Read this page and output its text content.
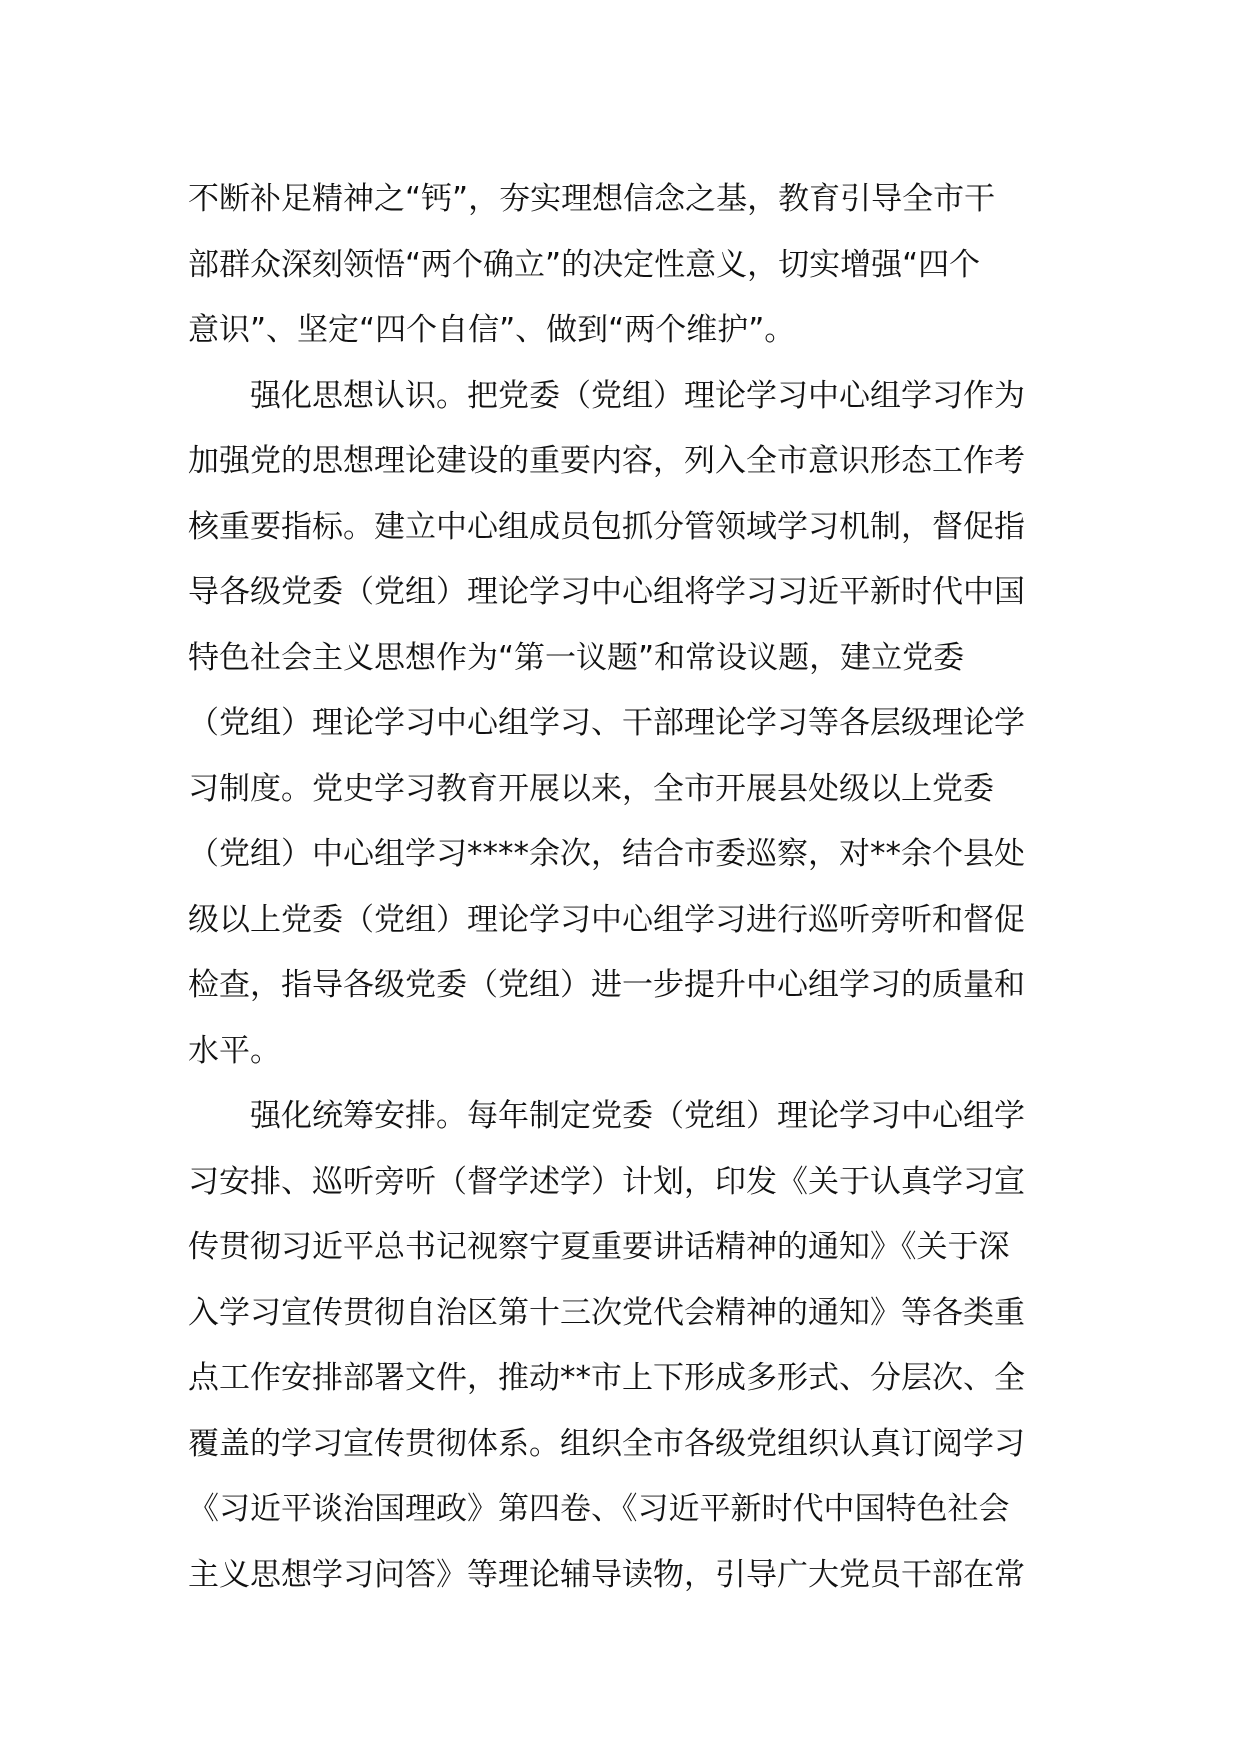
不断补足精神之“钙”，夯实理想信念之基，教育引导全市干
部群众深刻领悟“两个确立”的决定性意义，切实增强“四个
意识”、坚定“四个自信”、做到“两个维护”。

强化思想认识。把党委（党组）理论学习中心组学习作为
加强党的思想理论建设的重要内容，列入全市意识形态工作考
核重要指标。建立中心组成员包抓分管领域学习机制，督促指
导各级党委（党组）理论学习中心组将学习习近平新时代中国
特色社会主义思想作为“第一议题”和常设议题，建立党委
（党组）理论学习中心组学习、干部理论学习等各层级理论学
习制度。党史学习教育开展以来，全市开展县处级以上党委
（党组）中心组学习****余次，结合市委巡察，对**余个县处
级以上党委（党组）理论学习中心组学习进行巡听旁听和督促
检查，指导各级党委（党组）进一步提升中心组学习的质量和
水平。

强化统筹安排。每年制定党委（党组）理论学习中心组学
习安排、巡听旁听（督学述学）计划，印发《关于认真学习宣
传贯彻习近平总书记视察宁夏重要讲话精神的通知》《关于深
入学习宣传贯彻自治区第十三次党代会精神的通知》等各类重
点工作安排部署文件，推动**市上下形成多形式、分层次、全
覆盖的学习宣传贯彻体系。组织全市各级党组织认真订阅学习
《习近平谈治国理政》第四卷、《习近平新时代中国特色社会
主义思想学习问答》等理论辅导读物，引导广大党员干部在常
